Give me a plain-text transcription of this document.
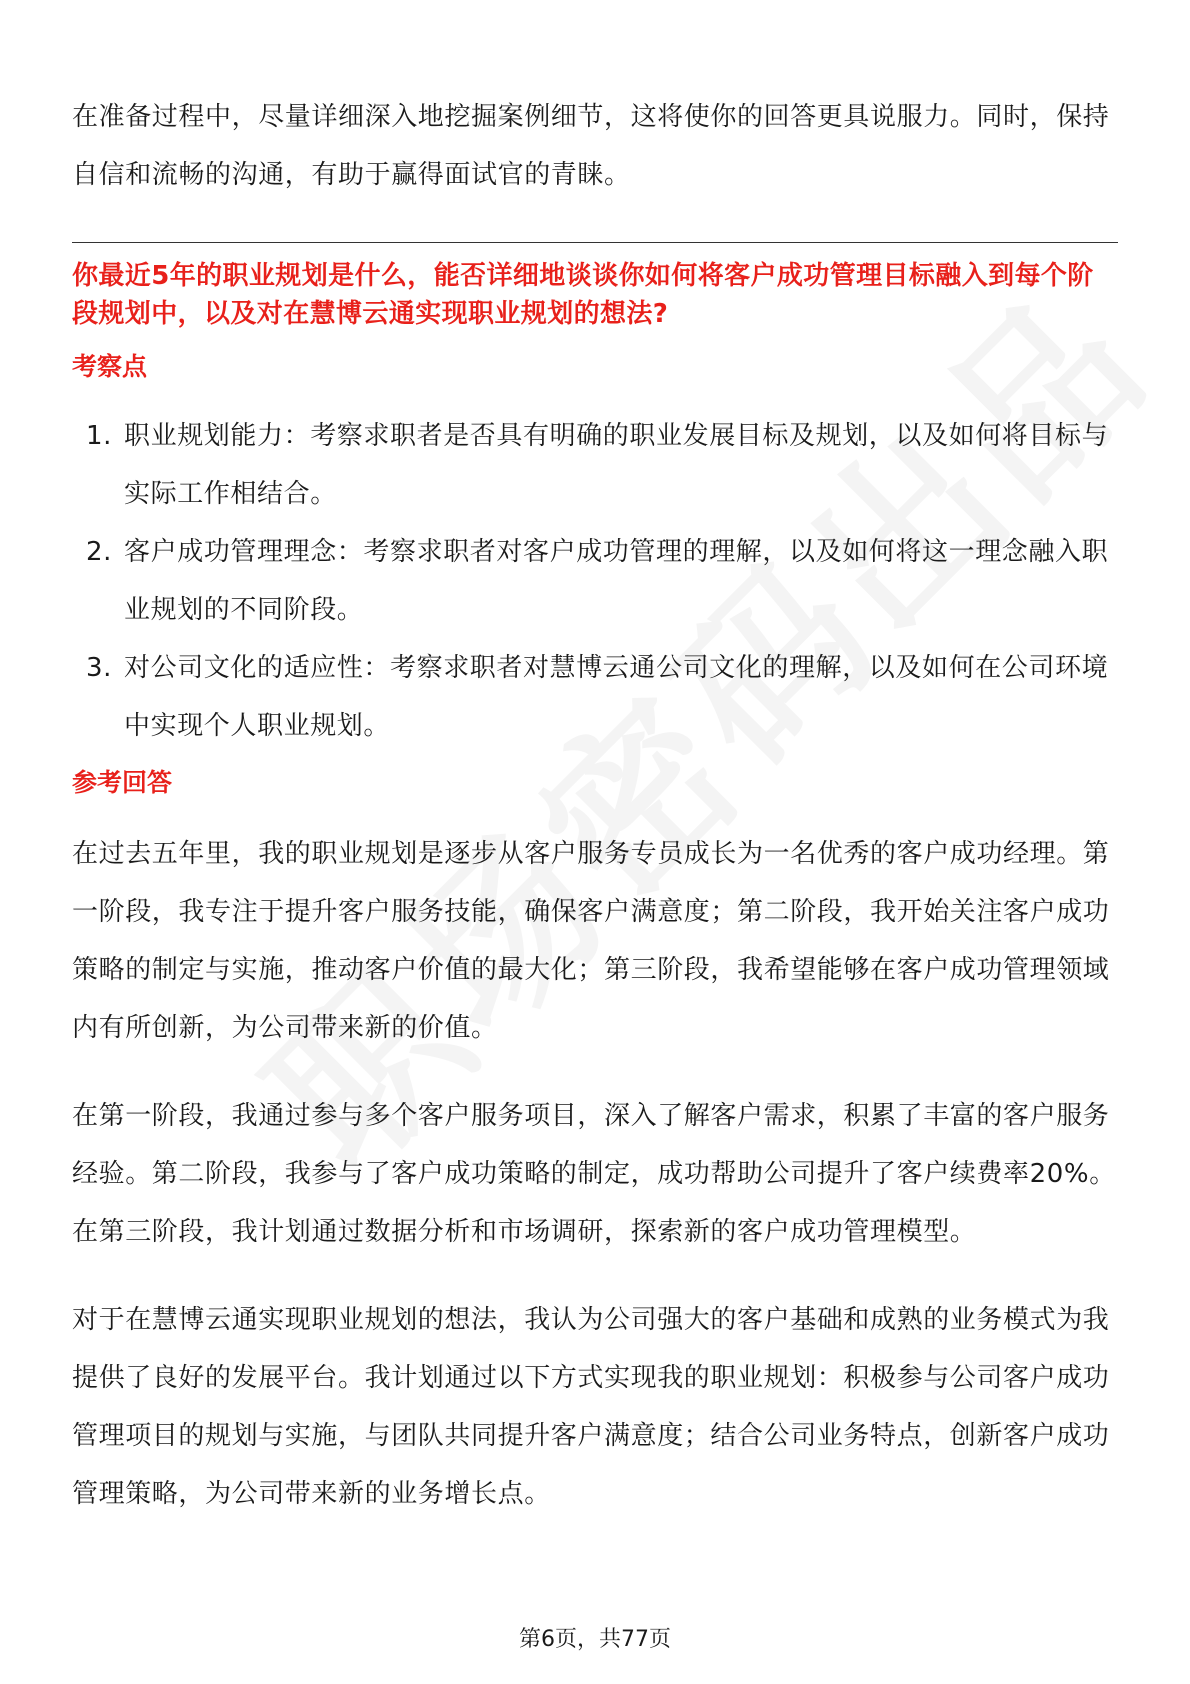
在准备过程中，尽量详细深入地挖掘案例细节，这将使你的回答更具说服力。同时，保持自信和流畅的沟通，有助于赢得面试官的青睐。

你最近5年的职业规划是什么，能否详细地谈谈你如何将客户成功管理目标融入到每个阶段规划中，以及对在慧博云通实现职业规划的想法?

考察点
1. 职业规划能力：考察求职者是否具有明确的职业发展目标及规划，以及如何将目标与实际工作相结合。
2. 客户成功管理理念：考察求职者对客户成功管理的理解，以及如何将这一理念融入职业规划的不同阶段。
3. 对公司文化的适应性：考察求职者对慧博云通公司文化的理解，以及如何在公司环境中实现个人职业规划。
参考回答

在过去五年里，我的职业规划是逐步从客户服务专员成长为一名优秀的客户成功经理。第一阶段，我专注于提升客户服务技能，确保客户满意度；第二阶段，我开始关注客户成功策略的制定与实施，推动客户价值的最大化；第三阶段，我希望能够在客户成功管理领域内有所创新，为公司带来新的价值。

在第一阶段，我通过参与多个客户服务项目，深入了解客户需求，积累了丰富的客户服务经验。第二阶段，我参与了客户成功策略的制定，成功帮助公司提升了客户续费率20%。在第三阶段，我计划通过数据分析和市场调研，探索新的客户成功管理模型。

对于在慧博云通实现职业规划的想法，我认为公司强大的客户基础和成熟的业务模式为我提供了良好的发展平台。我计划通过以下方式实现我的职业规划：积极参与公司客户成功管理项目的规划与实施，与团队共同提升客户满意度；结合公司业务特点，创新客户成功管理策略，为公司带来新的业务增长点。

第6页，共77页
